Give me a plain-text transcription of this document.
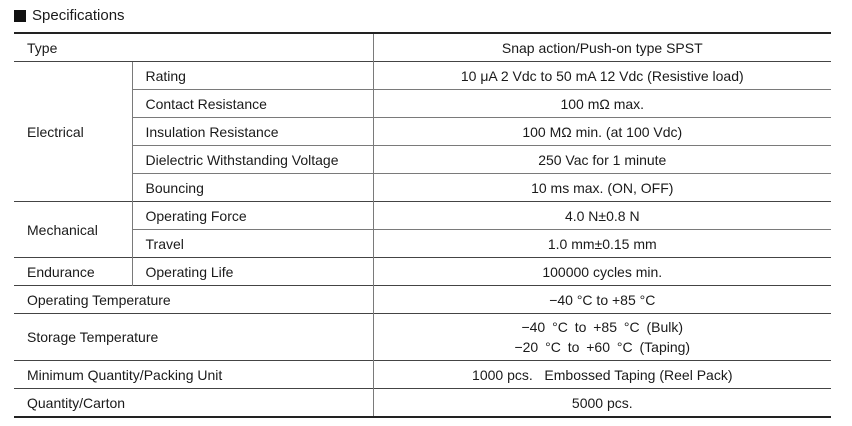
Specifications
Type		Snap action/Push-on type SPST
Electrical	Rating	10 μA 2 Vdc to 50 mA 12 Vdc (Resistive load)
	Contact Resistance	100 mΩ max.
	Insulation Resistance	100 MΩ min. (at 100 Vdc)
	Dielectric Withstanding Voltage	250 Vac for 1 minute
	Bouncing	10 ms max. (ON, OFF)
Mechanical	Operating Force	4.0 N±0.8 N
	Travel	1.0 mm±0.15 mm
Endurance	Operating Life	100000 cycles min.
Operating Temperature		−40 °C to +85 °C
Storage Temperature		−40 °C to +85 °C (Bulk)
−20 °C to +60 °C (Taping)

Minimum Quantity/Packing Unit		1000 pcs.   Embossed Taping (Reel Pack)
Quantity/Carton		5000 pcs.
